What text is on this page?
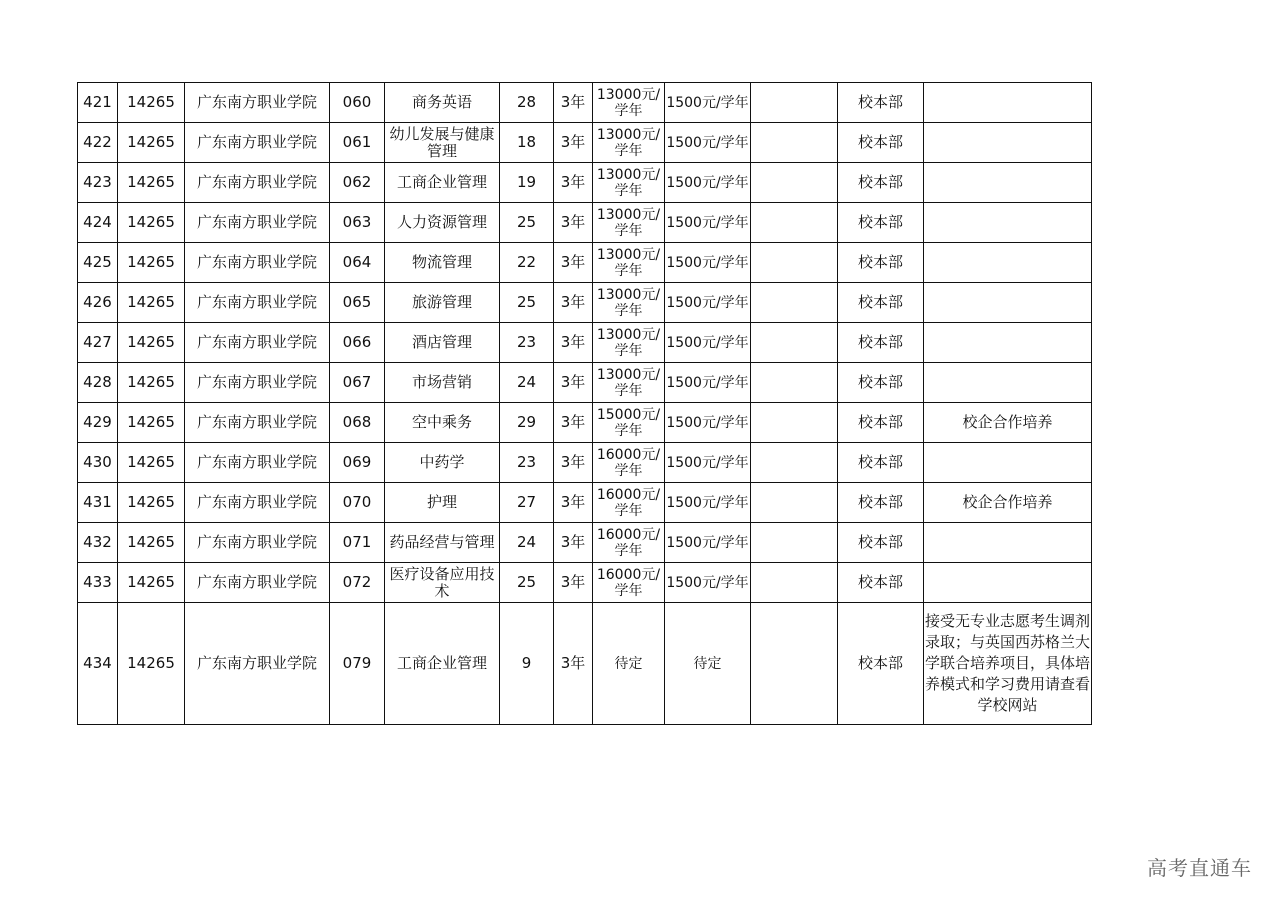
421	14265	广东南方职业学院	060	商务英语	28	3年	13000元/学年	1500元/学年		校本部	
422	14265	广东南方职业学院	061	幼儿发展与健康管理	18	3年	13000元/学年	1500元/学年		校本部	
423	14265	广东南方职业学院	062	工商企业管理	19	3年	13000元/学年	1500元/学年		校本部	
424	14265	广东南方职业学院	063	人力资源管理	25	3年	13000元/学年	1500元/学年		校本部	
425	14265	广东南方职业学院	064	物流管理	22	3年	13000元/学年	1500元/学年		校本部	
426	14265	广东南方职业学院	065	旅游管理	25	3年	13000元/学年	1500元/学年		校本部	
427	14265	广东南方职业学院	066	酒店管理	23	3年	13000元/学年	1500元/学年		校本部	
428	14265	广东南方职业学院	067	市场营销	24	3年	13000元/学年	1500元/学年		校本部	
429	14265	广东南方职业学院	068	空中乘务	29	3年	15000元/学年	1500元/学年		校本部	校企合作培养
430	14265	广东南方职业学院	069	中药学	23	3年	16000元/学年	1500元/学年		校本部	
431	14265	广东南方职业学院	070	护理	27	3年	16000元/学年	1500元/学年		校本部	校企合作培养
432	14265	广东南方职业学院	071	药品经营与管理	24	3年	16000元/学年	1500元/学年		校本部	
433	14265	广东南方职业学院	072	医疗设备应用技术	25	3年	16000元/学年	1500元/学年		校本部	
434	14265	广东南方职业学院	079	工商企业管理	9	3年	待定	待定		校本部	接受无专业志愿考生调剂录取；与英国西苏格兰大学联合培养项目，具体培养模式和学习费用请查看学校网站
高考直通车
